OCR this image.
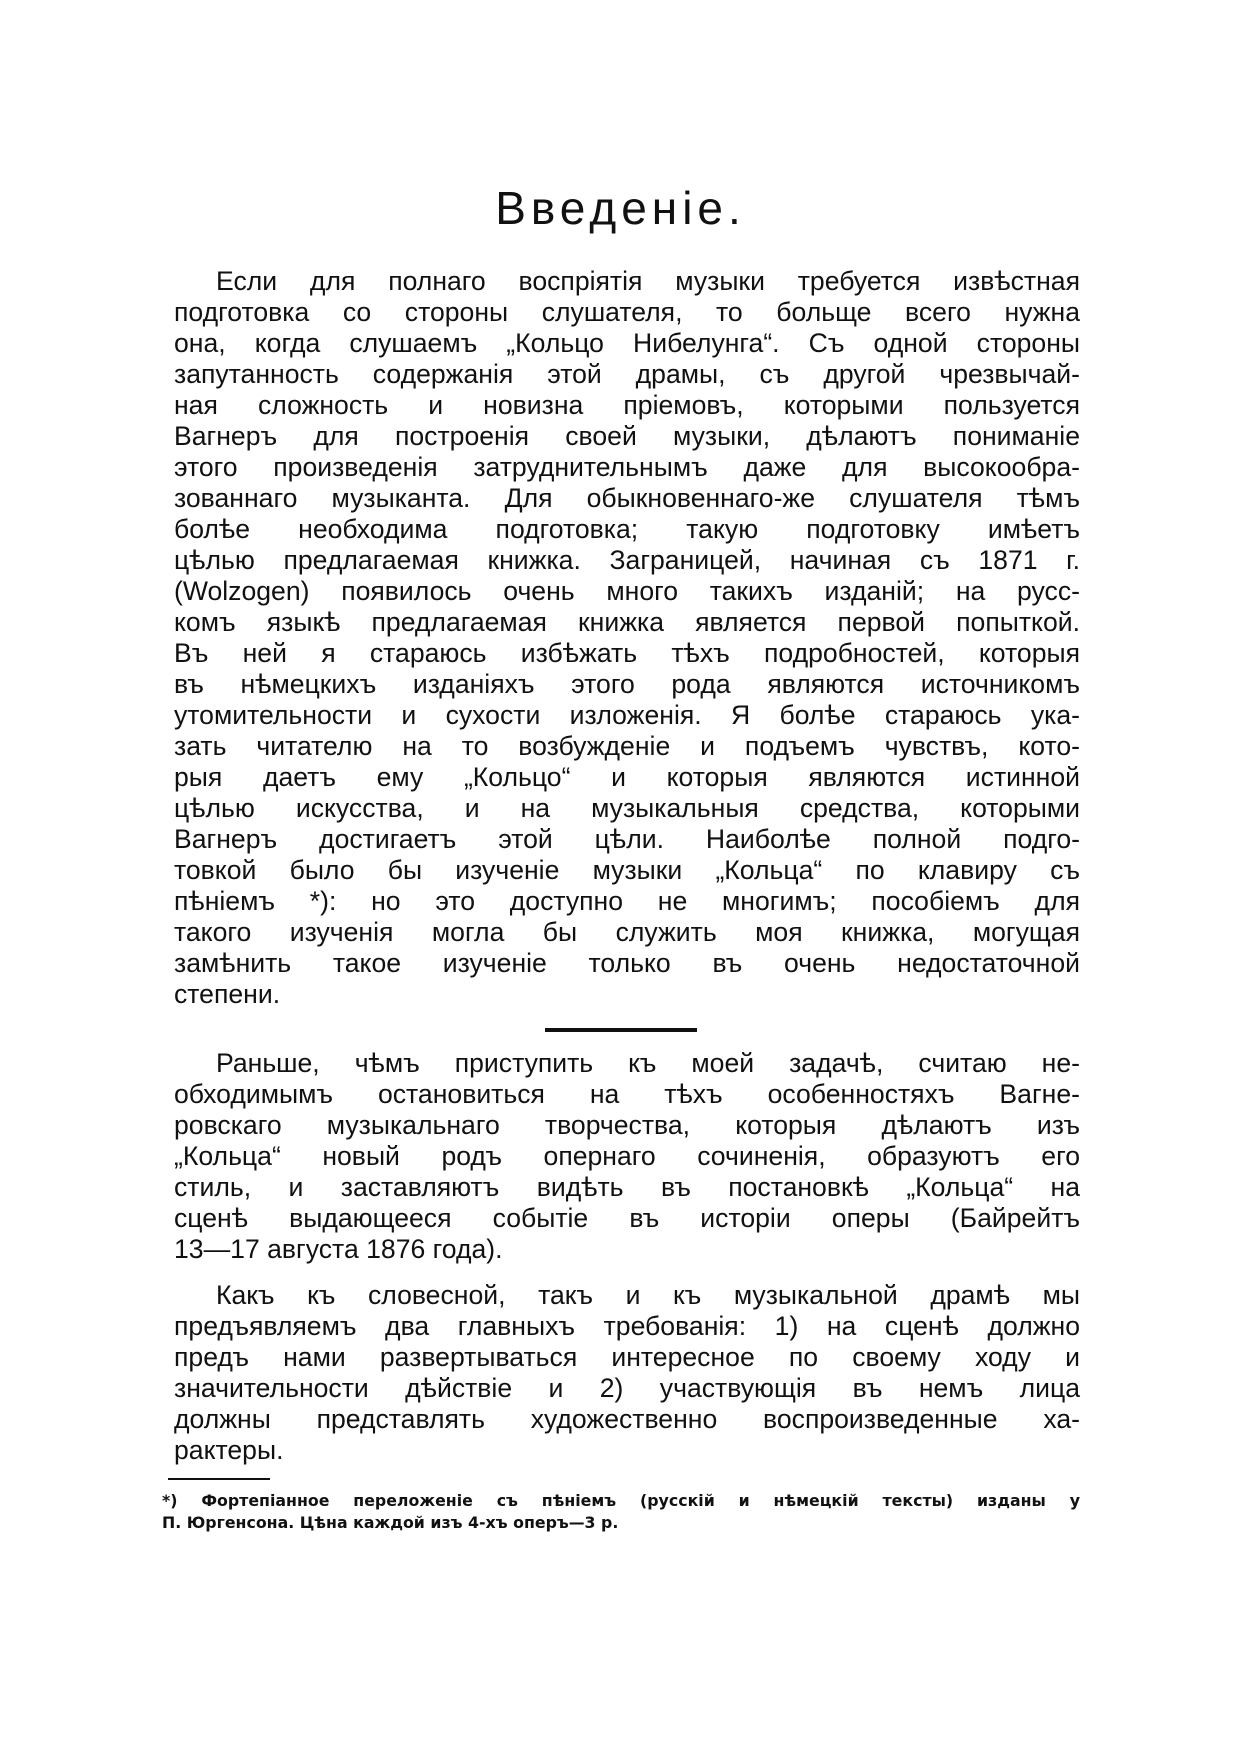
Введенiе.
Если для полнаго воспрiятiя музыки требуется извѣстная
подготовка со стороны слушателя, то больще всего нужна
она, когда слушаемъ „Кольцо Нибелунга“. Съ одной стороны
запутанность содержанiя этой драмы, съ другой чрезвычай-
ная сложность и новизна прiемовъ, которыми пользуется
Вагнеръ для построенiя своей музыки, дѣлаютъ пониманiе
этого произведенiя затруднительнымъ даже для высокообра-
зованнаго музыканта. Для обыкновеннаго-же слушателя тѣмъ
болѣе необходима подготовка; такую подготовку имѣетъ
цѣлью предлагаемая книжка. Заграницей, начиная съ 1871 г.
(Wolzogen) появилось очень много такихъ изданiй; на русс-
комъ языкѣ предлагаемая книжка является первой попыткой.
Въ ней я стараюсь избѣжать тѣхъ подробностей, которыя
въ нѣмецкихъ изданiяхъ этого рода являются источникомъ
утомительности и сухости изложенiя. Я болѣе стараюсь ука-
зать читателю на то возбужденiе и подъемъ чувствъ, кото-
рыя даетъ ему „Кольцо“ и которыя являются истинной
цѣлью искусства, и на музыкальныя средства, которыми
Вагнеръ достигаетъ этой цѣли. Наиболѣе полной подго-
товкой было бы изученiе музыки „Кольца“ по клавиру съ
пѣнiемъ *): но это доступно не многимъ; пособiемъ для
такого изученiя могла бы служить моя книжка, могущая
замѣнить такое изученiе только въ очень недостаточной
степени.
Раньше, чѣмъ приступить къ моей задачѣ, считаю не-
обходимымъ остановиться на тѣхъ особенностяхъ Вагне-
ровскаго музыкальнаго творчества, которыя дѣлаютъ изъ
„Кольца“ новый родъ опернаго сочиненiя, образуютъ его
стиль, и заставляютъ видѣть въ постановкѣ „Кольца“ на
сценѣ выдающееся событiе въ исторiи оперы (Байрейтъ
13—17 августа 1876 года).
Какъ къ словесной, такъ и къ музыкальной драмѣ мы
предъявляемъ два главныхъ требованiя: 1) на сценѣ должно
предъ нами развертываться интересное по своему ходу и
значительности дѣйствiе и 2) участвующiя въ немъ лица
должны представлять художественно воспроизведенные ха-
рактеры.
*) Фортепiанное переложенiе съ пѣнiемъ (русскiй и нѣмецкiй тексты) изданы у
П. Юргенсона. Цѣна каждой изъ 4-хъ оперъ—3 р.
